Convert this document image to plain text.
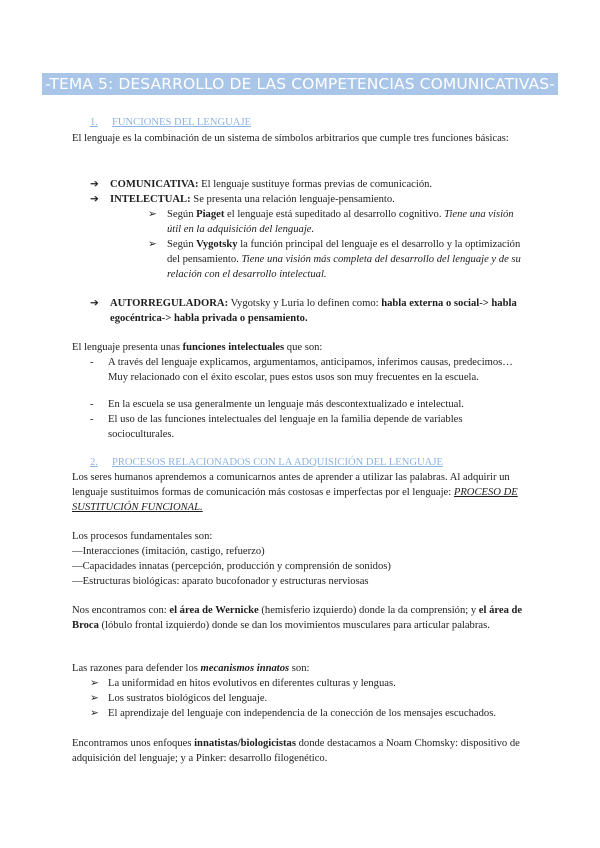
-TEMA 5: DESARROLLO DE LAS COMPETENCIAS COMUNICATIVAS-
1. FUNCIONES DEL LENGUAJE

El lenguaje es la combinación de un sistema de símbolos arbitrarios que cumple tres funciones básicas:

➔ COMUNICATIVA: El lenguaje sustituye formas previas de comunicación.
➔ INTELECTUAL: Se presenta una relación lenguaje-pensamiento.
➢ Según Piaget el lenguaje está supeditado al desarrollo cognitivo. Tiene una visión útil en la adquisición del lenguaje.
➢ Según Vygotsky la función principal del lenguaje es el desarrollo y la optimización del pensamiento. Tiene una visión más completa del desarrollo del lenguaje y de su relación con el desarrollo intelectual.
➔ AUTORREGULADORA: Vygotsky y Luria lo definen como: habla externa o social-> habla egocéntrica-> habla privada o pensamiento.

El lenguaje presenta unas funciones intelectuales que son:

- A través del lenguaje explicamos, argumentamos, anticipamos, inferimos causas, predecimos… Muy relacionado con el éxito escolar, pues estos usos son muy frecuentes en la escuela.
- En la escuela se usa generalmente un lenguaje más descontextualizado e intelectual.
- El uso de las funciones intelectuales del lenguaje en la familia depende de variables socioculturales.
2. PROCESOS RELACIONADOS CON LA ADQUISICIÓN DEL LENGUAJE

Los seres humanos aprendemos a comunicarnos antes de aprender a utilizar las palabras. Al adquirir un lenguaje sustituimos formas de comunicación más costosas e imperfectas por el lenguaje: PROCESO DE SUSTITUCIÓN FUNCIONAL.

Los procesos fundamentales son:

—Interacciones (imitación, castigo, refuerzo)

—Capacidades innatas (percepción, producción y comprensión de sonidos)

—Estructuras biológicas: aparato bucofonador y estructuras nerviosas

Nos encontramos con: el área de Wernicke (hemisferio izquierdo) donde la da comprensión; y el área de Broca (lóbulo frontal izquierdo) donde se dan los movimientos musculares para articular palabras.

Las razones para defender los mecanismos innatos son:

➢ La uniformidad en hitos evolutivos en diferentes culturas y lenguas.
➢ Los sustratos biológicos del lenguaje.
➢ El aprendizaje del lenguaje con independencia de la conección de los mensajes escuchados.

Encontramos unos enfoques innatistas/biologicistas donde destacamos a Noam Chomsky: dispositivo de adquisición del lenguaje; y a Pinker: desarrollo filogenético.
